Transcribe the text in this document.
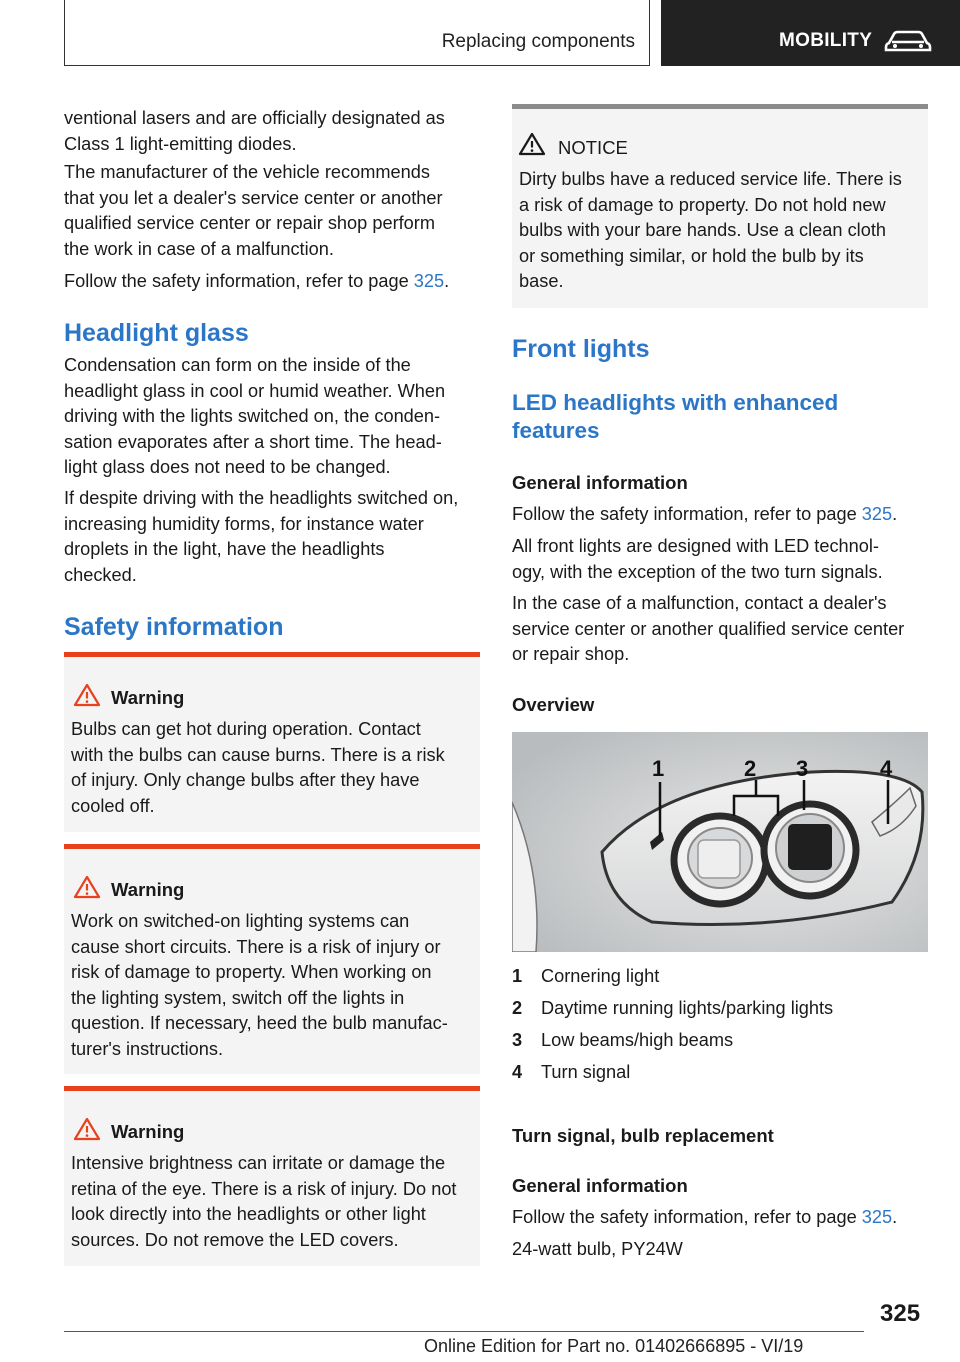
Replacing components	MOBILITY

ventional lasers and are officially designated as
Class 1 light-emitting diodes.

The manufacturer of the vehicle recommends
that you let a dealer's service center or another
qualified service center or repair shop perform
the work in case of a malfunction.

Follow the safety information, refer to page 325.

Headlight glass

Condensation can form on the inside of the
headlight glass in cool or humid weather. When
driving with the lights switched on, the conden-
sation evaporates after a short time. The head-
light glass does not need to be changed.

If despite driving with the headlights switched on,
increasing humidity forms, for instance water
droplets in the light, have the headlights
checked.

Safety information
Warning
Bulbs can get hot during operation. Contact
with the bulbs can cause burns. There is a risk
of injury. Only change bulbs after they have
cooled off.
Warning
Work on switched-on lighting systems can
cause short circuits. There is a risk of injury or
risk of damage to property. When working on
the lighting system, switch off the lights in
question. If necessary, heed the bulb manufac-
turer's instructions.
Warning
Intensive brightness can irritate or damage the
retina of the eye. There is a risk of injury. Do not
look directly into the headlights or other light
sources. Do not remove the LED covers.
NOTICE
Dirty bulbs have a reduced service life. There is
a risk of damage to property. Do not hold new
bulbs with your bare hands. Use a clean cloth
or something similar, or hold the bulb by its
base.
Front lights
LED headlights with enhanced
features
General information

Follow the safety information, refer to page 325.

All front lights are designed with LED technol-
ogy, with the exception of the two turn signals.

In the case of a malfunction, contact a dealer's
service center or another qualified service center
or repair shop.

Overview
1	2 3	4
1 Cornering light
2 Daytime running lights/parking lights
3 Low beams/high beams
4 Turn signal
Turn signal, bulb replacement
General information

Follow the safety information, refer to page 325.

24-watt bulb, PY24W

325
Online Edition for Part no. 01402666895 - VI/19
